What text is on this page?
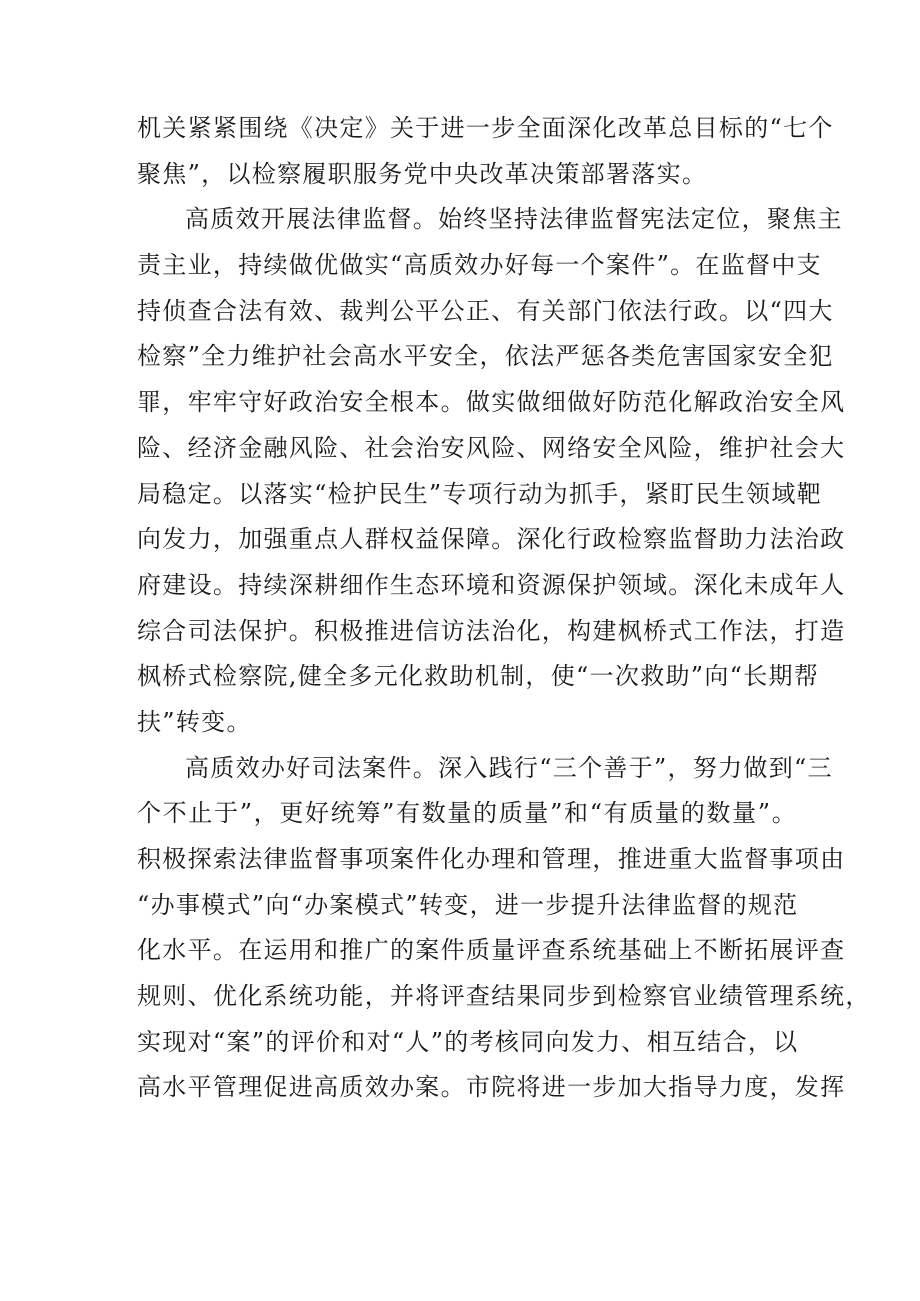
机关紧紧围绕《决定》关于进一步全面深化改革总目标的“七个
聚焦”，以检察履职服务党中央改革决策部署落实。
高质效开展法律监督。始终坚持法律监督宪法定位，聚焦主
责主业，持续做优做实“高质效办好每一个案件”。在监督中支
持侦查合法有效、裁判公平公正、有关部门依法行政。以“四大
检察”全力维护社会高水平安全，依法严惩各类危害国家安全犯
罪，牢牢守好政治安全根本。做实做细做好防范化解政治安全风
险、经济金融风险、社会治安风险、网络安全风险，维护社会大
局稳定。以落实“检护民生”专项行动为抓手，紧盯民生领域靶
向发力，加强重点人群权益保障。深化行政检察监督助力法治政
府建设。持续深耕细作生态环境和资源保护领域。深化未成年人
综合司法保护。积极推进信访法治化，构建枫桥式工作法，打造
枫桥式检察院,健全多元化救助机制，使“一次救助”向“长期帮
扶”转变。
高质效办好司法案件。深入践行“三个善于”，努力做到“三
个不止于”，更好统筹”有数量的质量”和“有质量的数量”。
积极探索法律监督事项案件化办理和管理，推进重大监督事项由
“办事模式”向“办案模式”转变，进一步提升法律监督的规范
化水平。在运用和推广的案件质量评查系统基础上不断拓展评查
规则、优化系统功能，并将评查结果同步到检察官业绩管理系统，
实现对“案”的评价和对“人”的考核同向发力、相互结合，以
高水平管理促进高质效办案。市院将进一步加大指导力度，发挥
